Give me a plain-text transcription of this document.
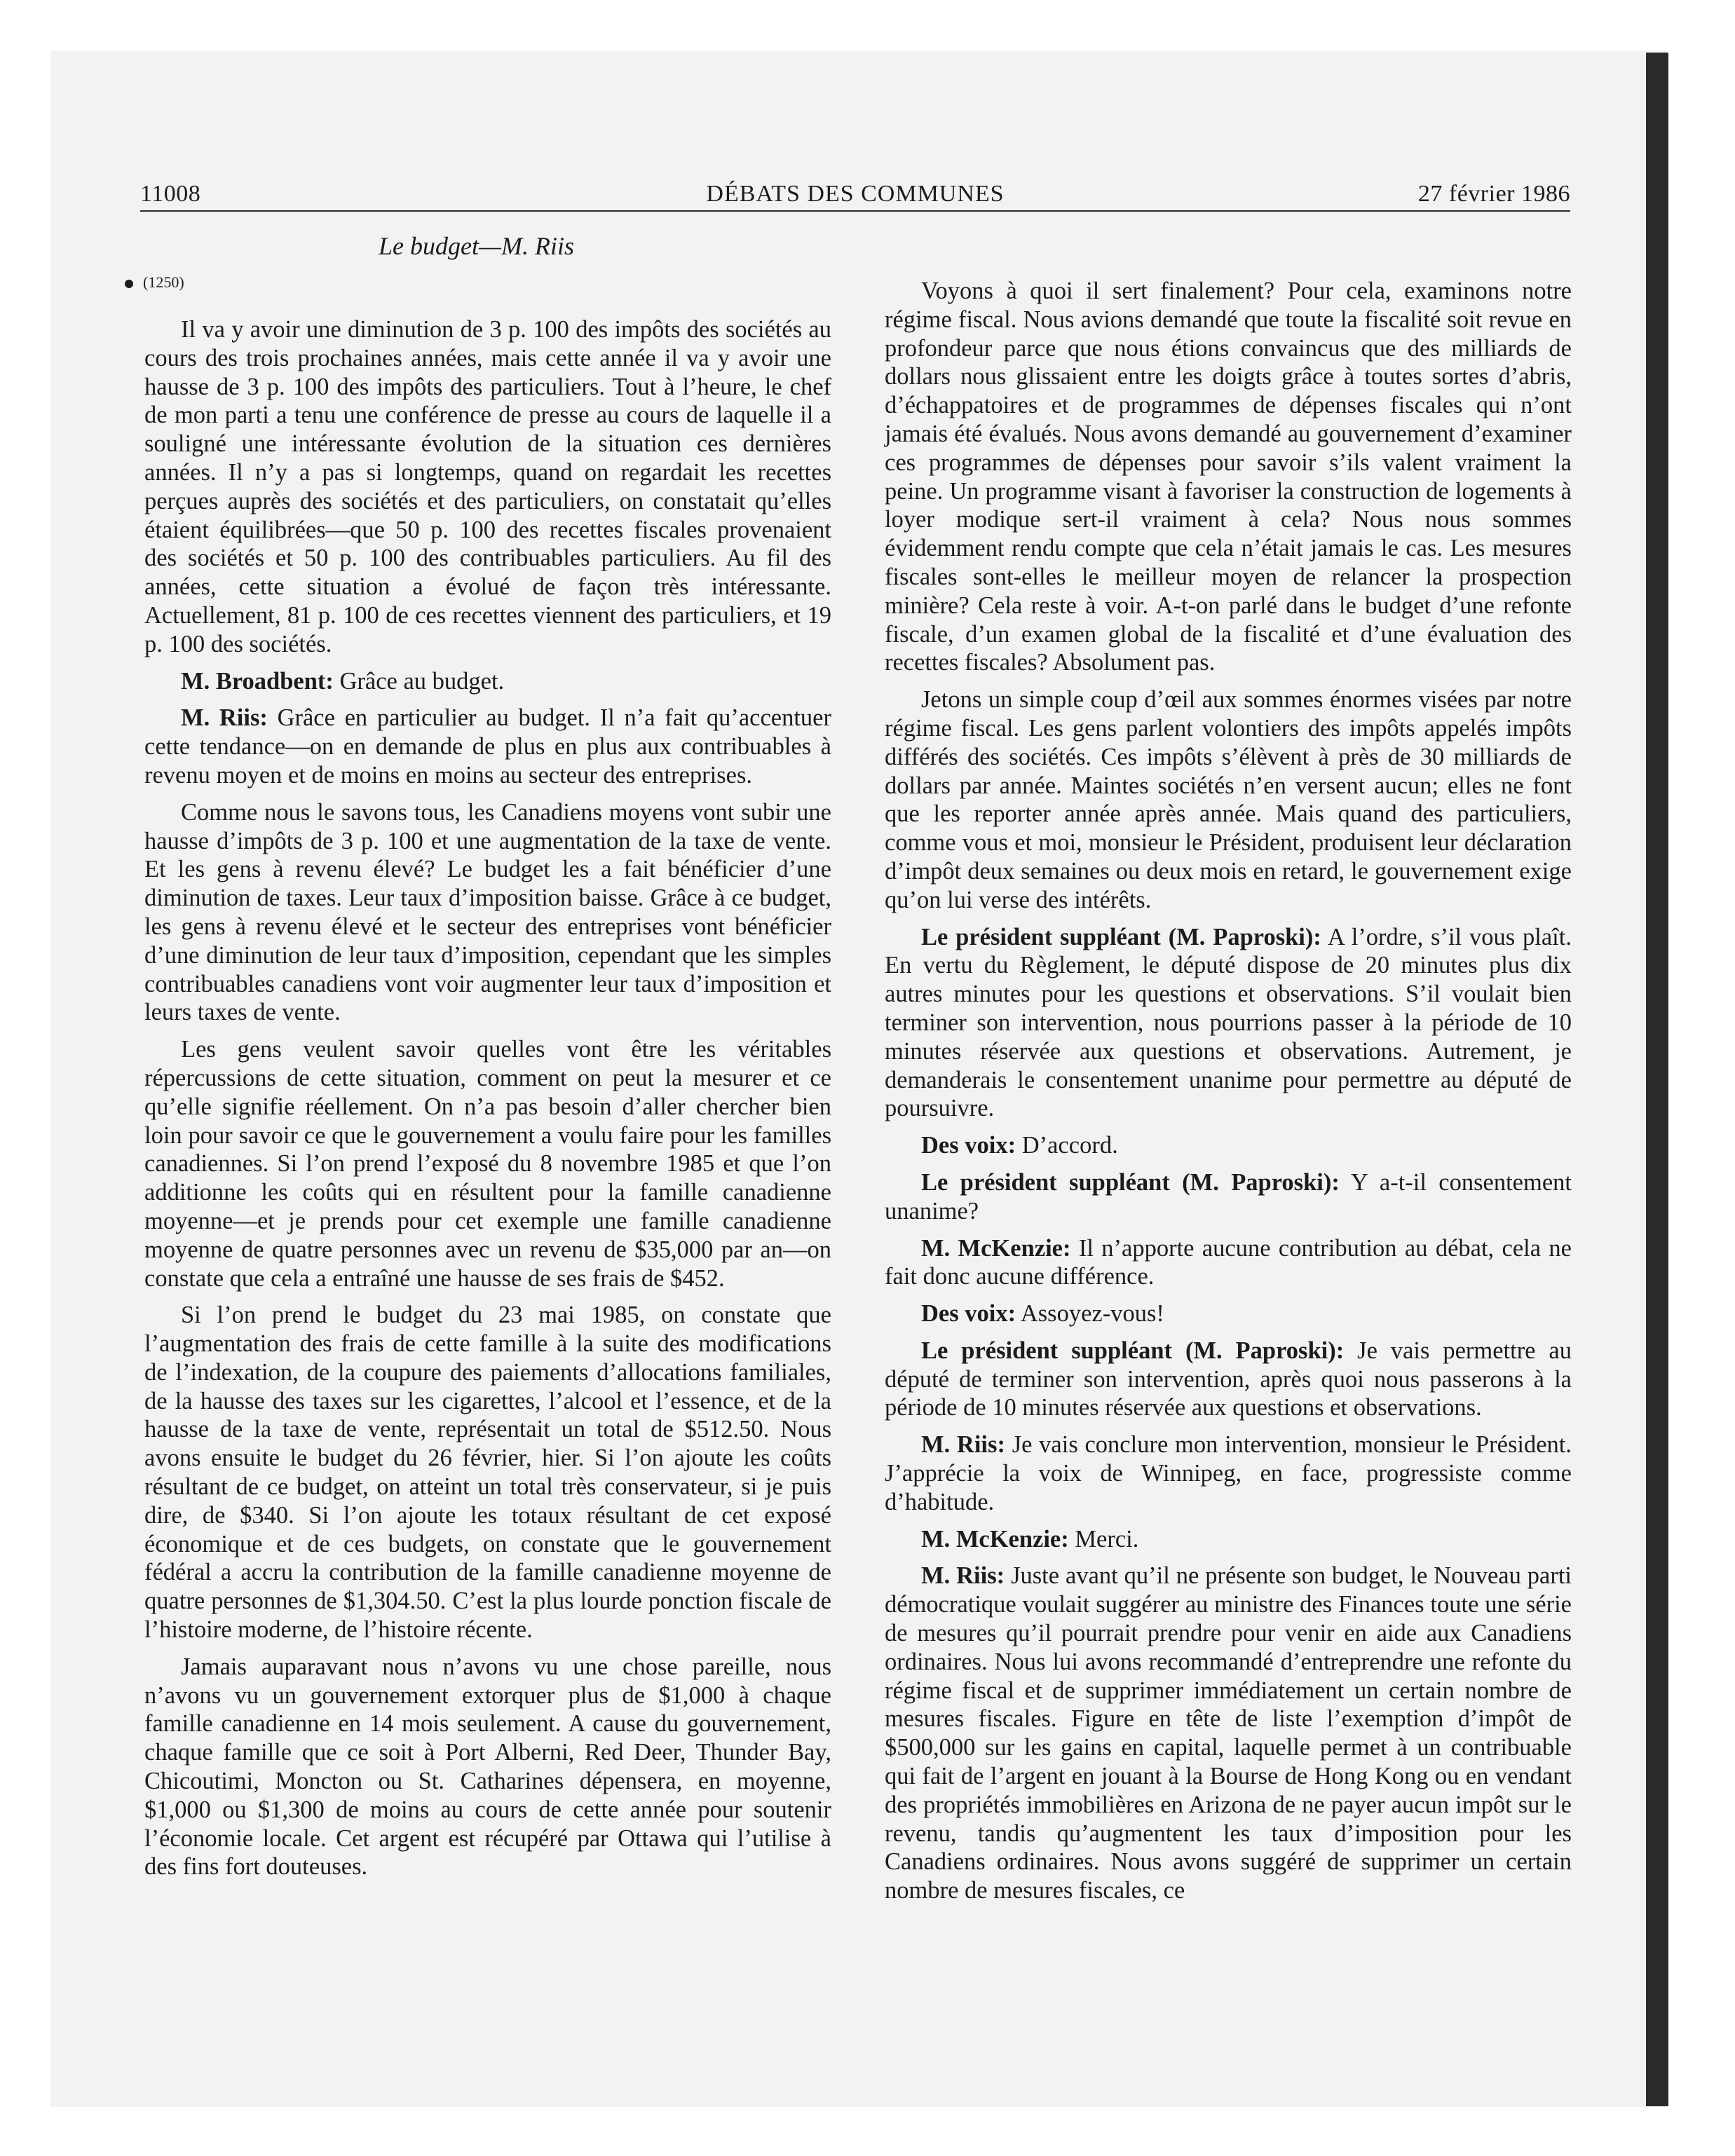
11008	DÉBATS DES COMMUNES	27 février 1986
Le budget—M. Riis
(1250)

Il va y avoir une diminution de 3 p. 100 des impôts des sociétés au cours des trois prochaines années, mais cette année il va y avoir une hausse de 3 p. 100 des impôts des particuliers. Tout à l’heure, le chef de mon parti a tenu une conférence de presse au cours de laquelle il a souligné une intéressante évolution de la situation ces dernières années. Il n’y a pas si longtemps, quand on regardait les recettes perçues auprès des sociétés et des particuliers, on constatait qu’elles étaient équilibrées—que 50 p. 100 des recettes fiscales provenaient des sociétés et 50 p. 100 des contribuables particuliers. Au fil des années, cette situation a évolué de façon très intéressante. Actuellement, 81 p. 100 de ces recettes viennent des particuliers, et 19 p. 100 des sociétés.

M. Broadbent: Grâce au budget.

M. Riis: Grâce en particulier au budget. Il n’a fait qu’accentuer cette tendance—on en demande de plus en plus aux contribuables à revenu moyen et de moins en moins au secteur des entreprises.

Comme nous le savons tous, les Canadiens moyens vont subir une hausse d’impôts de 3 p. 100 et une augmentation de la taxe de vente. Et les gens à revenu élevé? Le budget les a fait bénéficier d’une diminution de taxes. Leur taux d’imposition baisse. Grâce à ce budget, les gens à revenu élevé et le secteur des entreprises vont bénéficier d’une diminution de leur taux d’imposition, cependant que les simples contribuables canadiens vont voir augmenter leur taux d’imposition et leurs taxes de vente.

Les gens veulent savoir quelles vont être les véritables répercussions de cette situation, comment on peut la mesurer et ce qu’elle signifie réellement. On n’a pas besoin d’aller chercher bien loin pour savoir ce que le gouvernement a voulu faire pour les familles canadiennes. Si l’on prend l’exposé du 8 novembre 1985 et que l’on additionne les coûts qui en résultent pour la famille canadienne moyenne—et je prends pour cet exemple une famille canadienne moyenne de quatre personnes avec un revenu de $35,000 par an—on constate que cela a entraîné une hausse de ses frais de $452.

Si l’on prend le budget du 23 mai 1985, on constate que l’augmentation des frais de cette famille à la suite des modifications de l’indexation, de la coupure des paiements d’allocations familiales, de la hausse des taxes sur les cigarettes, l’alcool et l’essence, et de la hausse de la taxe de vente, représentait un total de $512.50. Nous avons ensuite le budget du 26 février, hier. Si l’on ajoute les coûts résultant de ce budget, on atteint un total très conservateur, si je puis dire, de $340. Si l’on ajoute les totaux résultant de cet exposé économique et de ces budgets, on constate que le gouvernement fédéral a accru la contribution de la famille canadienne moyenne de quatre personnes de $1,304.50. C’est la plus lourde ponction fiscale de l’histoire moderne, de l’histoire récente.

Jamais auparavant nous n’avons vu une chose pareille, nous n’avons vu un gouvernement extorquer plus de $1,000 à chaque famille canadienne en 14 mois seulement. A cause du gouvernement, chaque famille que ce soit à Port Alberni, Red Deer, Thunder Bay, Chicoutimi, Moncton ou St. Catharines dépensera, en moyenne, $1,000 ou $1,300 de moins au cours de cette année pour soutenir l’économie locale. Cet argent est récupéré par Ottawa qui l’utilise à des fins fort douteuses.

Voyons à quoi il sert finalement? Pour cela, examinons notre régime fiscal. Nous avions demandé que toute la fiscalité soit revue en profondeur parce que nous étions convaincus que des milliards de dollars nous glissaient entre les doigts grâce à toutes sortes d’abris, d’échappatoires et de programmes de dépenses fiscales qui n’ont jamais été évalués. Nous avons demandé au gouvernement d’examiner ces programmes de dépenses pour savoir s’ils valent vraiment la peine. Un programme visant à favoriser la construction de logements à loyer modique sert-il vraiment à cela? Nous nous sommes évidemment rendu compte que cela n’était jamais le cas. Les mesures fiscales sont-elles le meilleur moyen de relancer la prospection minière? Cela reste à voir. A-t-on parlé dans le budget d’une refonte fiscale, d’un examen global de la fiscalité et d’une évaluation des recettes fiscales? Absolument pas.

Jetons un simple coup d’œil aux sommes énormes visées par notre régime fiscal. Les gens parlent volontiers des impôts appelés impôts différés des sociétés. Ces impôts s’élèvent à près de 30 milliards de dollars par année. Maintes sociétés n’en versent aucun; elles ne font que les reporter année après année. Mais quand des particuliers, comme vous et moi, monsieur le Président, produisent leur déclaration d’impôt deux semaines ou deux mois en retard, le gouvernement exige qu’on lui verse des intérêts.

Le président suppléant (M. Paproski): A l’ordre, s’il vous plaît. En vertu du Règlement, le député dispose de 20 minutes plus dix autres minutes pour les questions et observations. S’il voulait bien terminer son intervention, nous pourrions passer à la période de 10 minutes réservée aux questions et observations. Autrement, je demanderais le consentement unanime pour permettre au député de poursuivre.

Des voix: D’accord.

Le président suppléant (M. Paproski): Y a-t-il consentement unanime?

M. McKenzie: Il n’apporte aucune contribution au débat, cela ne fait donc aucune différence.

Des voix: Assoyez-vous!

Le président suppléant (M. Paproski): Je vais permettre au député de terminer son intervention, après quoi nous passerons à la période de 10 minutes réservée aux questions et observations.

M. Riis: Je vais conclure mon intervention, monsieur le Président. J’apprécie la voix de Winnipeg, en face, progressiste comme d’habitude.

M. McKenzie: Merci.

M. Riis: Juste avant qu’il ne présente son budget, le Nouveau parti démocratique voulait suggérer au ministre des Finances toute une série de mesures qu’il pourrait prendre pour venir en aide aux Canadiens ordinaires. Nous lui avons recommandé d’entreprendre une refonte du régime fiscal et de supprimer immédiatement un certain nombre de mesures fiscales. Figure en tête de liste l’exemption d’impôt de $500,000 sur les gains en capital, laquelle permet à un contribuable qui fait de l’argent en jouant à la Bourse de Hong Kong ou en vendant des propriétés immobilières en Arizona de ne payer aucun impôt sur le revenu, tandis qu’augmentent les taux d’imposition pour les Canadiens ordinaires. Nous avons suggéré de supprimer un certain nombre de mesures fiscales, ce
